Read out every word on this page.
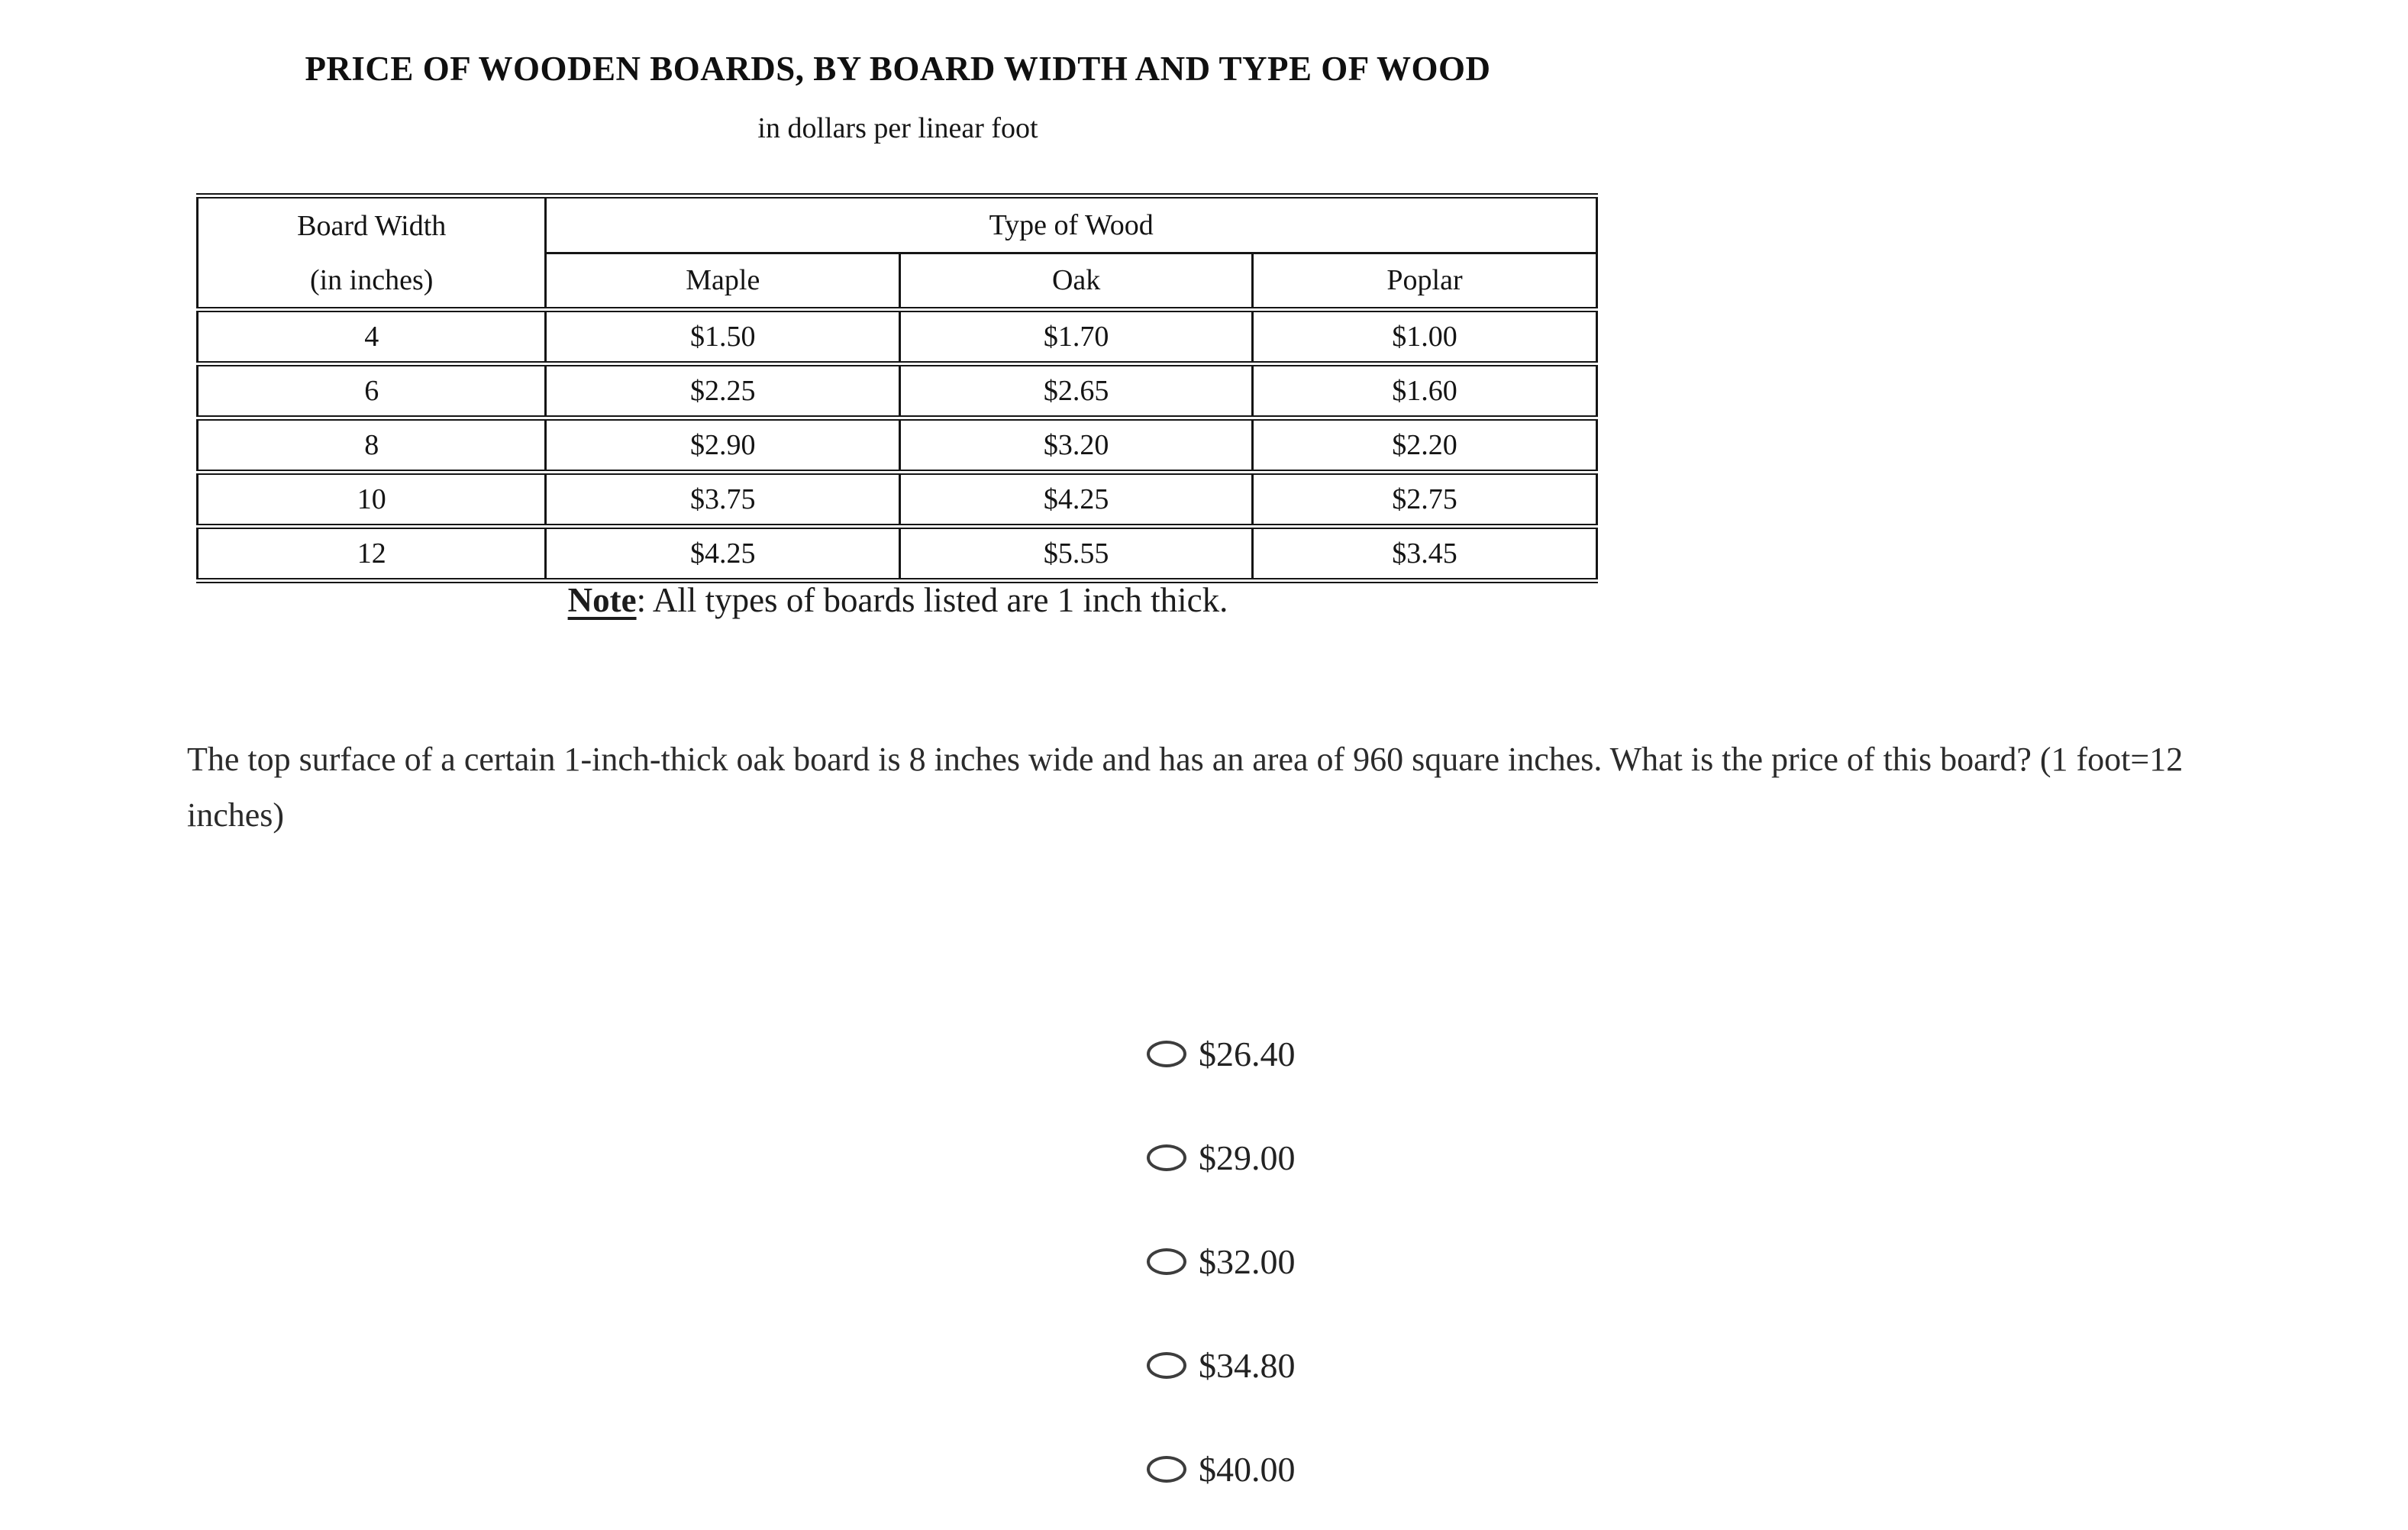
PRICE OF WOODEN BOARDS, BY BOARD WIDTH AND TYPE OF WOOD
in dollars per linear foot
Board Width
(in inches)	Type of Wood		
	Maple	Oak	Poplar
4	$1.50	$1.70	$1.00
6	$2.25	$2.65	$1.60
8	$2.90	$3.20	$2.20
10	$3.75	$4.25	$2.75
12	$4.25	$5.55	$3.45
Note: All types of boards listed are 1 inch thick.
The top surface of a certain 1-inch-thick oak board is 8 inches wide and has an area of 960 square inches. What is the price of this board? (1 foot=12 inches)
$26.40
$29.00
$32.00
$34.80
$40.00
